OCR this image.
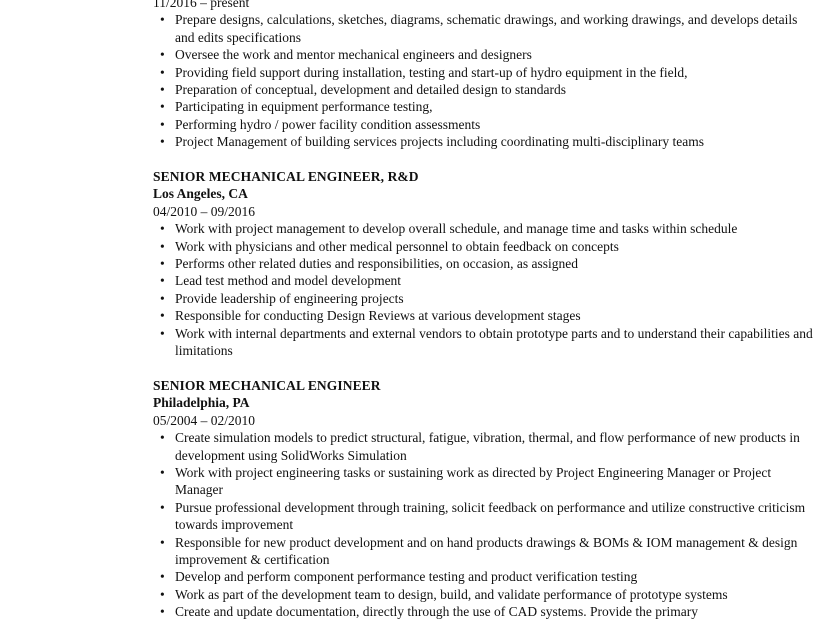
11/2016 – present
• Prepare designs, calculations, sketches, diagrams, schematic drawings, and working drawings, and develops details and edits specifications
• Oversee the work and mentor mechanical engineers and designers
• Providing field support during installation, testing and start-up of hydro equipment in the field,
• Preparation of conceptual, development and detailed design to standards
• Participating in equipment performance testing,
• Performing hydro / power facility condition assessments
• Project Management of building services projects including coordinating multi-disciplinary teams
SENIOR MECHANICAL ENGINEER, R&D
Los Angeles, CA
04/2010 – 09/2016
• Work with project management to develop overall schedule, and manage time and tasks within schedule
• Work with physicians and other medical personnel to obtain feedback on concepts
• Performs other related duties and responsibilities, on occasion, as assigned
• Lead test method and model development
• Provide leadership of engineering projects
• Responsible for conducting Design Reviews at various development stages
• Work with internal departments and external vendors to obtain prototype parts and to understand their capabilities and limitations
SENIOR MECHANICAL ENGINEER
Philadelphia, PA
05/2004 – 02/2010
• Create simulation models to predict structural, fatigue, vibration, thermal, and flow performance of new products in development using SolidWorks Simulation
• Work with project engineering tasks or sustaining work as directed by Project Engineering Manager or Project Manager
• Pursue professional development through training, solicit feedback on performance and utilize constructive criticism towards improvement
• Responsible for new product development and on hand products drawings & BOMs & IOM management & design improvement & certification
• Develop and perform component performance testing and product verification testing
• Work as part of the development team to design, build, and validate performance of prototype systems
• Create and update documentation, directly through the use of CAD systems. Provide the primary
